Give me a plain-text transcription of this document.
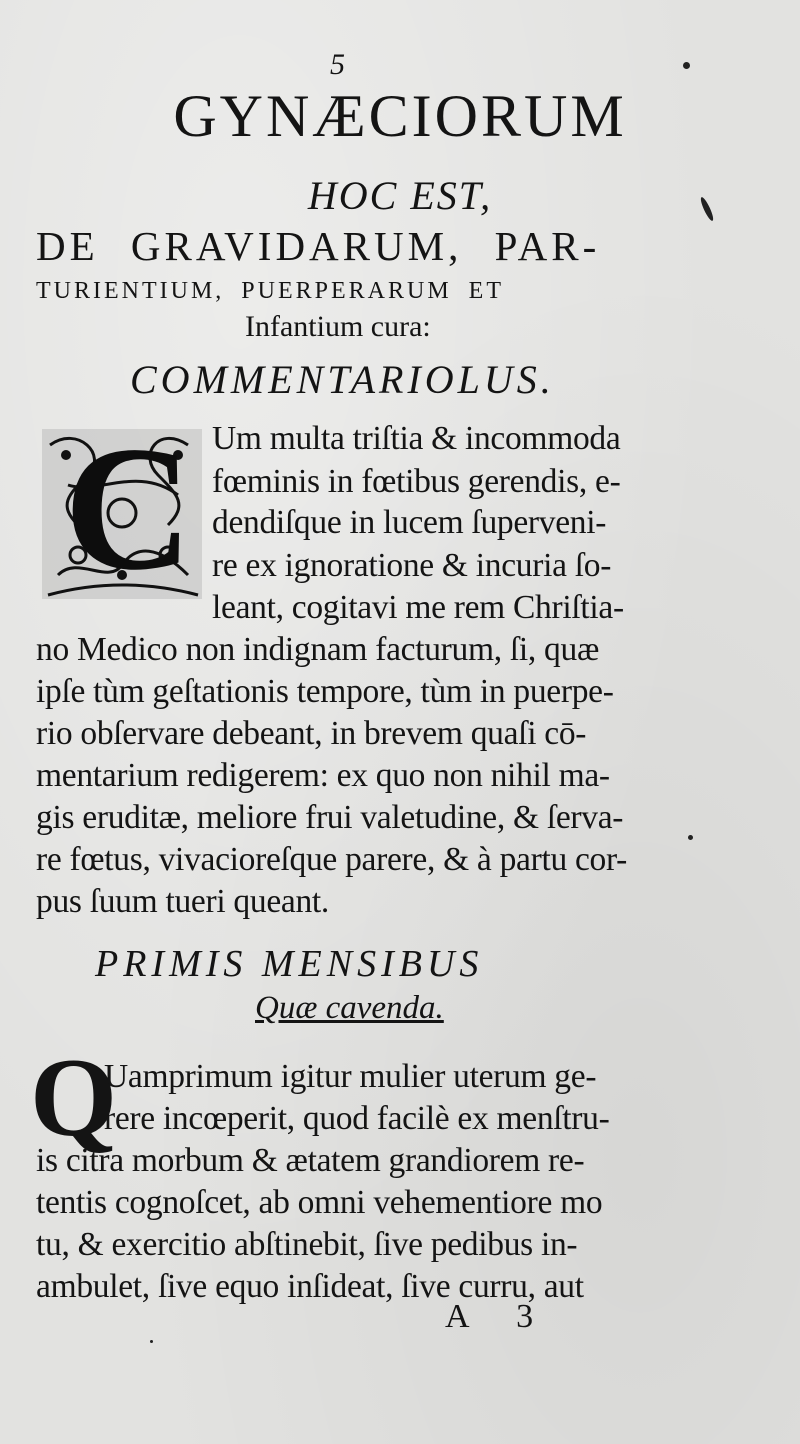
5
GYNÆCIORUM
HOC EST,
DE GRAVIDARUM, PAR-
TURIENTIUM, PUERPERARUM ET
Infantium cura:
COMMENTARIOLUS.
C Um multa triſtia & incommoda
fœminis in fœtibus gerendis, e-
dendiſque in lucem ſuperveni-
re ex ignoratione & incuria ſo-
leant, cogitavi me rem Chriſtia-
no Medico non indignam facturum, ſi, quæ
ipſe tùm geſtationis tempore, tùm in puerpe-
rio obſervare debeant, in brevem quaſi cō-
mentarium redigerem: ex quo non nihil ma-
gis eruditæ, meliore frui valetudine, & ſerva-
re fœtus, vivacioreſque parere, & à partu cor-
pus ſuum tueri queant.
PRIMIS MENSIBUS
Quæ cavenda.
Q
Uamprimum igitur mulier uterum ge-
rere incœperit, quod facilè ex menſtru-
is citra morbum & ætatem grandiorem re-
tentis cognoſcet, ab omni vehementiore mo
tu, & exercitio abſtinebit, ſive pedibus in-
ambulet, ſive equo inſideat, ſive curru, aut
A 3
